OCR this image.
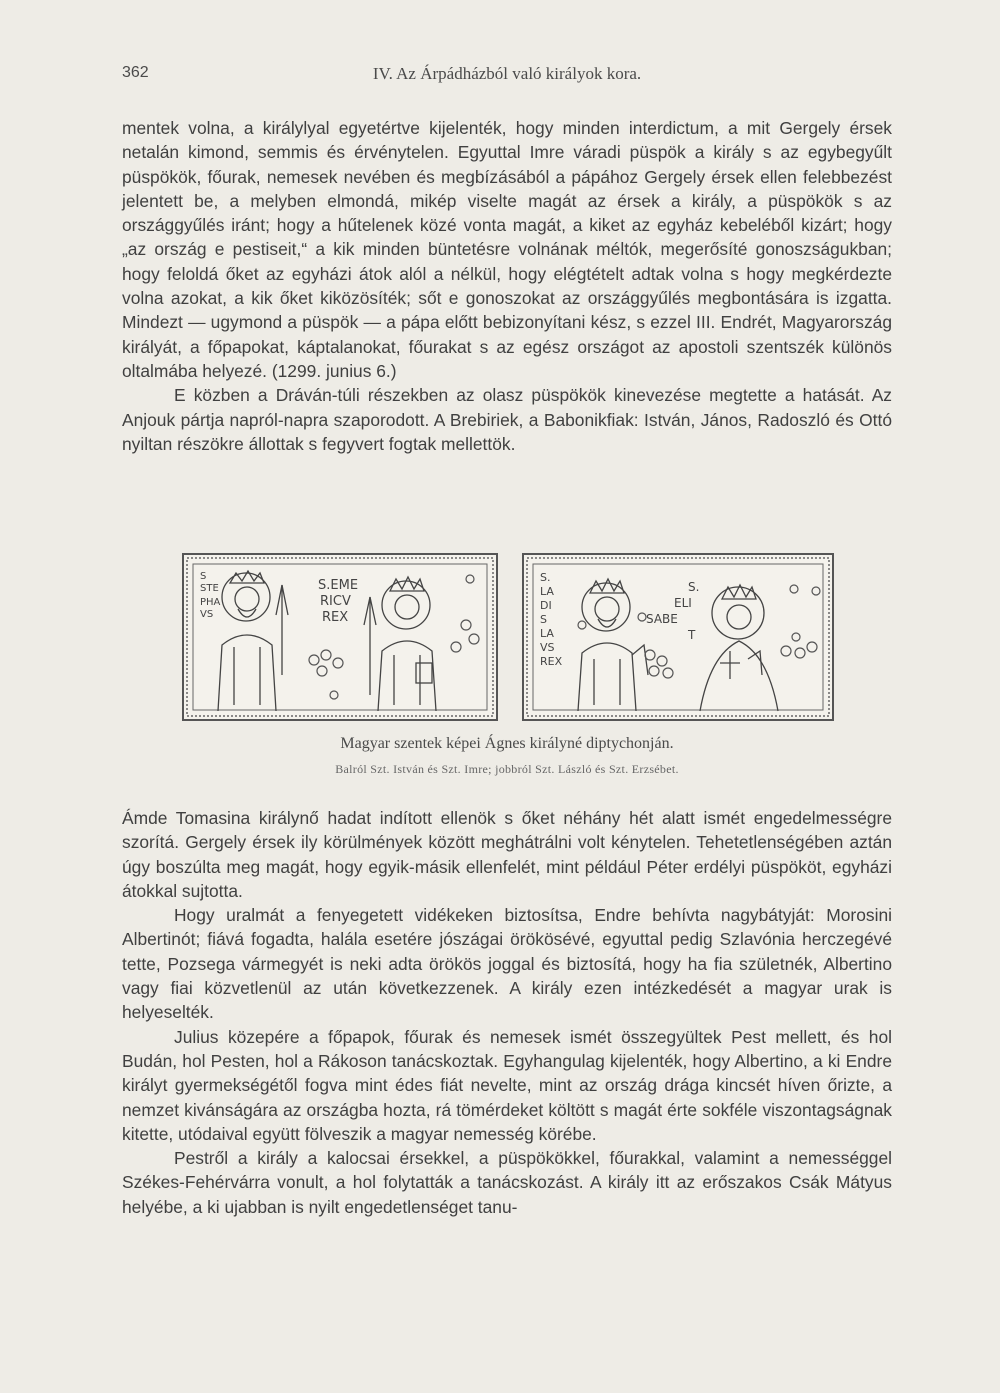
362	IV. Az Árpádházból való királyok kora.

mentek volna, a királylyal egyetértve kijelenték, hogy minden interdictum, a mit Gergely érsek netalán kimond, semmis és érvénytelen. Egyuttal Imre váradi püspök a király s az egybegyűlt püspökök, főurak, nemesek nevében és megbízásából a pápához Gergely érsek ellen felebbezést jelentett be, a melyben elmondá, mikép viselte magát az érsek a király, a püspökök s az országgyűlés iránt; hogy a hűtelenek közé vonta magát, a kiket az egyház kebeléből kizárt; hogy „az ország e pestiseit,“ a kik minden büntetésre volnának méltók, megerősíté gonoszságukban; hogy feloldá őket az egyházi átok alól a nélkül, hogy elégtételt adtak volna s hogy megkérdezte volna azokat, a kik őket kiközösíték; sőt e gonoszokat az országgyűlés megbontására is izgatta. Mindezt — ugymond a püspök — a pápa előtt bebizonyítani kész, s ezzel III. Endrét, Magyarország királyát, a főpapokat, káptalanokat, főurakat s az egész országot az apostoli szentszék különös oltalmába helyezé. (1299. junius 6.)

E közben a Dráván-túli részekben az olasz püspökök kinevezése megtette a hatását. Az Anjouk pártja napról-napra szaporodott. A Brebiriek, a Babonikfiak: István, János, Radoszló és Ottó nyiltan részökre állottak s fegyvert fogtak mellettök.

S
STE
PHA
VS
S.EME
RICV
REX
S.
LA
DI
S
LA
VS
REX
S.
ELI
SABE
T
Magyar szentek képei Ágnes királyné diptychonján.
Balról Szt. István és Szt. Imre; jobbról Szt. László és Szt. Erzsébet.

Ámde Tomasina királynő hadat indított ellenök s őket néhány hét alatt ismét engedelmességre szorítá. Gergely érsek ily körülmények között meghátrálni volt kénytelen. Tehetetlenségében aztán úgy boszúlta meg magát, hogy egyik-másik ellenfelét, mint például Péter erdélyi püspököt, egyházi átokkal sujtotta.

Hogy uralmát a fenyegetett vidékeken biztosítsa, Endre behívta nagybátyját: Morosini Albertinót; fiává fogadta, halála esetére jószágai örökösévé, egyuttal pedig Szlavónia herczegévé tette, Pozsega vármegyét is neki adta örökös joggal és biztosítá, hogy ha fia születnék, Albertino vagy fiai közvetlenül az után következzenek. A király ezen intézkedését a magyar urak is helyeselték.

Julius közepére a főpapok, főurak és nemesek ismét összegyültek Pest mellett, és hol Budán, hol Pesten, hol a Rákoson tanácskoztak. Egyhangulag kijelenték, hogy Albertino, a ki Endre királyt gyermekségétől fogva mint édes fiát nevelte, mint az ország drága kincsét híven őrizte, a nemzet kivánságára az országba hozta, rá tömérdeket költött s magát érte sokféle viszontagságnak kitette, utódaival együtt fölveszik a magyar nemesség körébe.

Pestről a király a kalocsai érsekkel, a püspökökkel, főurakkal, valamint a nemességgel Székes-Fehérvárra vonult, a hol folytatták a tanácskozást. A király itt az erőszakos Csák Mátyus helyébe, a ki ujabban is nyilt engedetlenséget tanu-
